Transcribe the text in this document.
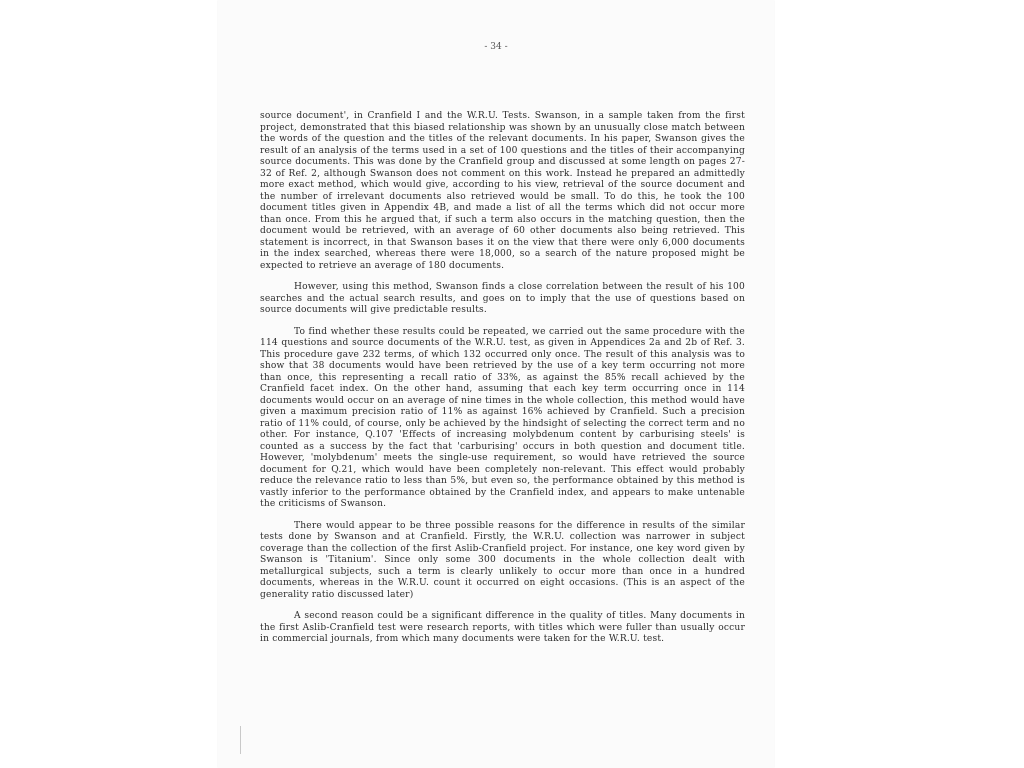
- 34 -

source document', in Cranfield I and the W.R.U. Tests. Swanson, in a sample taken from the first project, demonstrated that this biased relationship was shown by an unusually close match between the words of the question and the titles of the relevant documents. In his paper, Swanson gives the result of an analysis of the terms used in a set of 100 questions and the titles of their accompanying source documents. This was done by the Cranfield group and discussed at some length on pages 27-32 of Ref. 2, although Swanson does not comment on this work. Instead he prepared an admittedly more exact method, which would give, according to his view, retrieval of the source document and the number of irrelevant documents also retrieved would be small. To do this, he took the 100 document titles given in Appendix 4B, and made a list of all the terms which did not occur more than once. From this he argued that, if such a term also occurs in the matching question, then the document would be retrieved, with an average of 60 other documents also being retrieved. This statement is incorrect, in that Swanson bases it on the view that there were only 6,000 documents in the index searched, whereas there were 18,000, so a search of the nature proposed might be expected to retrieve an average of 180 documents.

However, using this method, Swanson finds a close correlation between the result of his 100 searches and the actual search results, and goes on to imply that the use of questions based on source documents will give predictable results.

To find whether these results could be repeated, we carried out the same procedure with the 114 questions and source documents of the W.R.U. test, as given in Appendices 2a and 2b of Ref. 3. This procedure gave 232 terms, of which 132 occurred only once. The result of this analysis was to show that 38 documents would have been retrieved by the use of a key term occurring not more than once, this representing a recall ratio of 33%, as against the 85% recall achieved by the Cranfield facet index. On the other hand, assuming that each key term occurring once in 114 documents would occur on an average of nine times in the whole collection, this method would have given a maximum precision ratio of 11% as against 16% achieved by Cranfield. Such a precision ratio of 11% could, of course, only be achieved by the hindsight of selecting the correct term and no other. For instance, Q.107 'Effects of increasing molybdenum content by carburising steels' is counted as a success by the fact that 'carburising' occurs in both question and document title. However, 'molybdenum' meets the single-use requirement, so would have retrieved the source document for Q.21, which would have been completely non-relevant. This effect would probably reduce the relevance ratio to less than 5%, but even so, the performance obtained by this method is vastly inferior to the performance obtained by the Cranfield index, and appears to make untenable the criticisms of Swanson.

There would appear to be three possible reasons for the difference in results of the similar tests done by Swanson and at Cranfield. Firstly, the W.R.U. collection was narrower in subject coverage than the collection of the first Aslib-Cranfield project. For instance, one key word given by Swanson is 'Titanium'. Since only some 300 documents in the whole collection dealt with metallurgical subjects, such a term is clearly unlikely to occur more than once in a hundred documents, whereas in the W.R.U. count it occurred on eight occasions. (This is an aspect of the generality ratio discussed later)

A second reason could be a significant difference in the quality of titles. Many documents in the first Aslib-Cranfield test were research reports, with titles which were fuller than usually occur in commercial journals, from which many documents were taken for the W.R.U. test.
